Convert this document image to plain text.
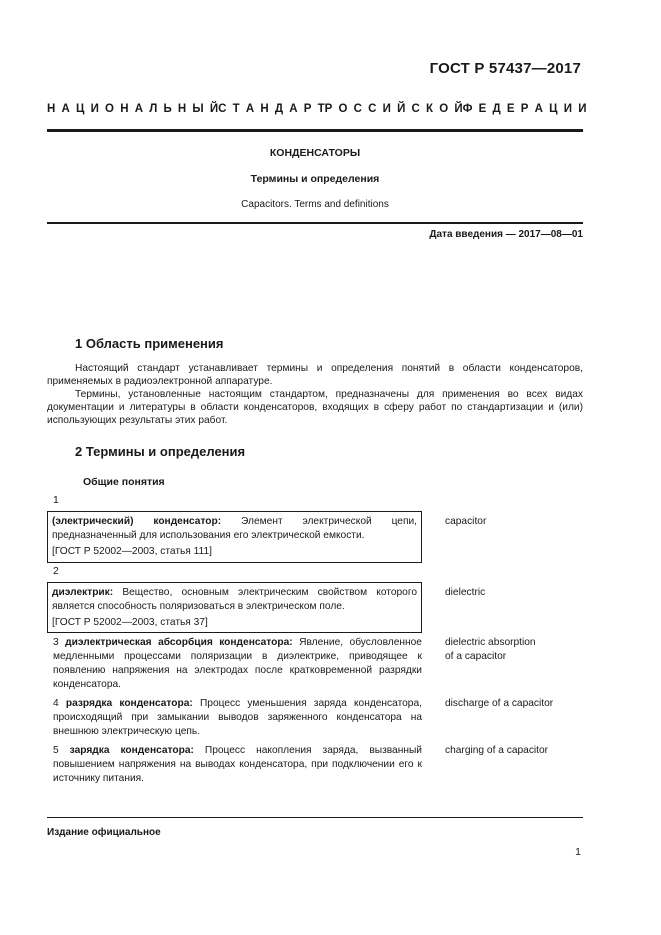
ГОСТ Р 57437—2017
Н А Ц И О Н А Л Ь Н Ы Й С Т А Н Д А Р Т Р О С С И Й С К О Й Ф Е Д Е Р А Ц И И
КОНДЕНСАТОРЫ
Термины и определения
Capacitors. Terms and definitions
Дата введения — 2017—08—01
1 Область применения

Настоящий стандарт устанавливает термины и определения понятий в области конденсаторов, применяемых в радиоэлектронной аппаратуре.

Термины, установленные настоящим стандартом, предназначены для применения во всех видах документации и литературы в области конденсаторов, входящих в сферу работ по стандартизации и (или) использующих результаты этих работ.

2 Термины и определения
Общие понятия
1
(электрический) конденсатор: Элемент электрической цепи, предназначенный для использования его электрической емкости.
[ГОСТ Р 52002—2003, статья 111]
capacitor
2
диэлектрик: Вещество, основным электрическим свойством которого является способность поляризоваться в электрическом поле.
[ГОСТ Р 52002—2003, статья 37]
dielectric
3 диэлектрическая абсорбция конденсатора: Явление, обусловленное медленными процессами поляризации в диэлектрике, приводящее к появлению напряжения на электродах после кратковременной разрядки конденсатора.
dielectric absorption
of a capacitor
4 разрядка конденсатора: Процесс уменьшения заряда конденсатора, происходящий при замыкании выводов заряженного конденсатора на внешнюю электрическую цепь.
discharge of a capacitor
5 зарядка конденсатора: Процесс накопления заряда, вызванный повышением напряжения на выводах конденсатора, при подключении его к источнику питания.
charging of a capacitor
Издание официальное
1
